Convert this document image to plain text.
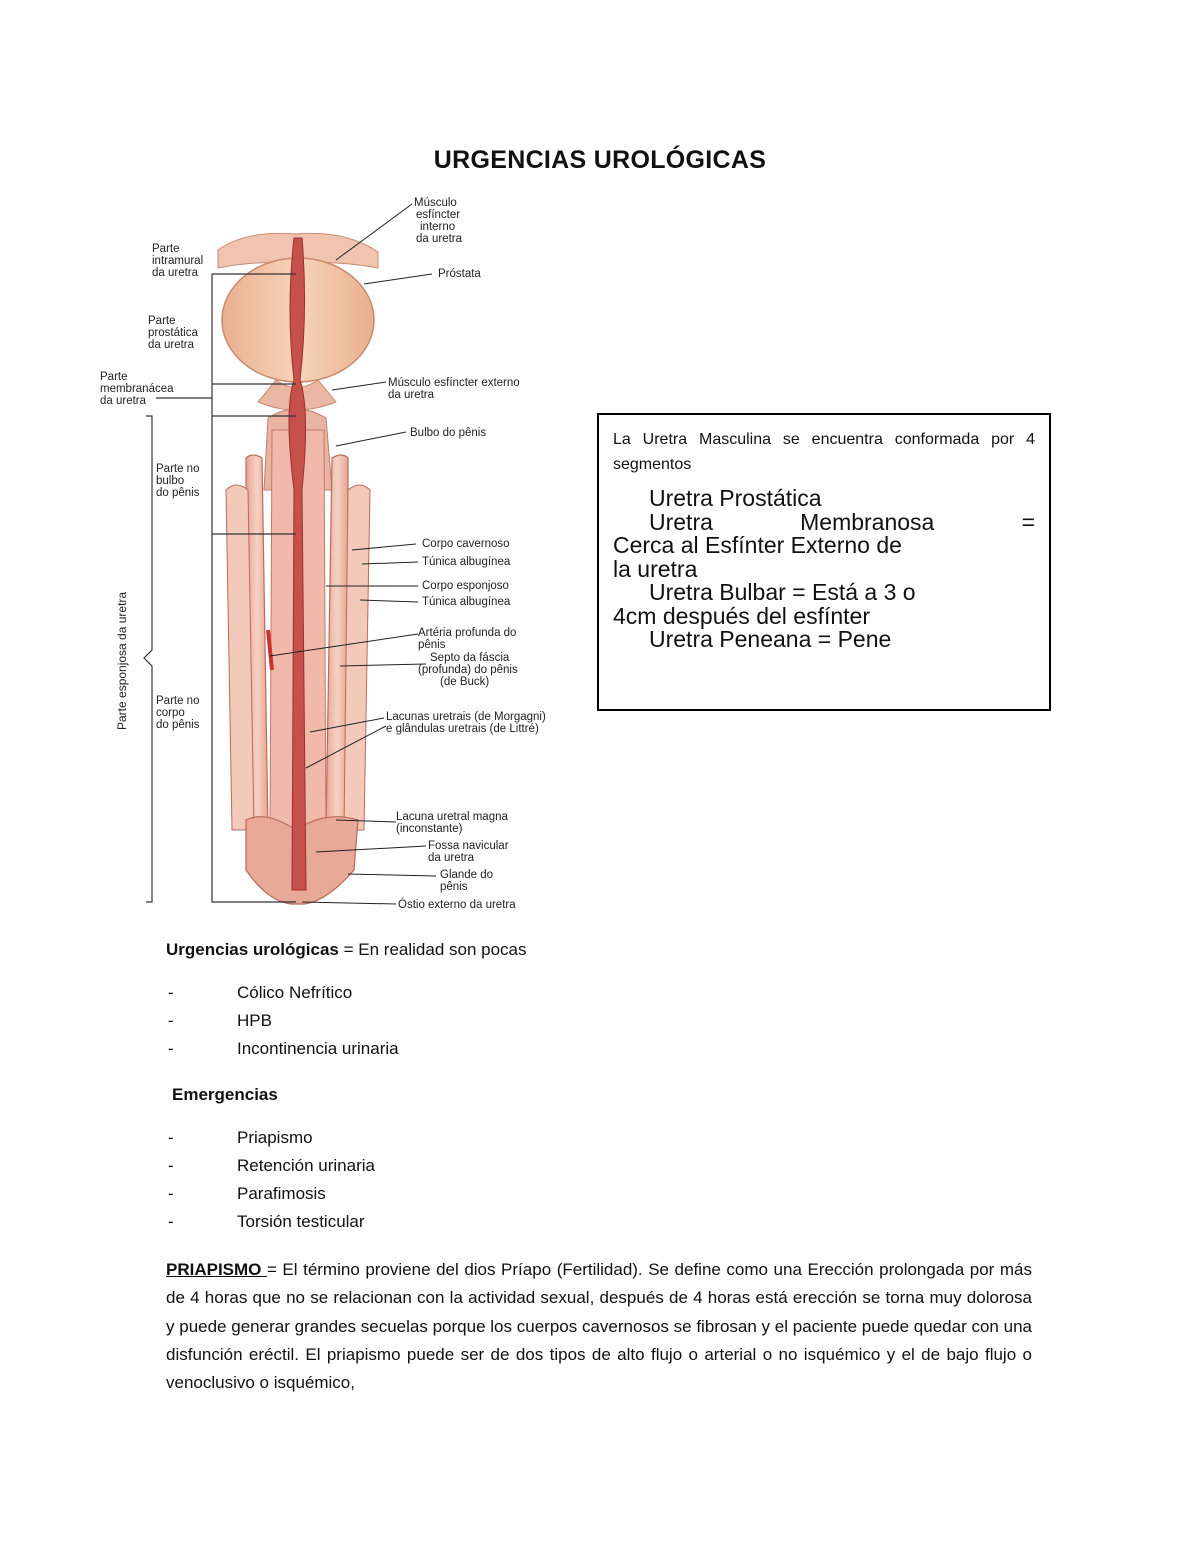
URGENCIAS UROLÓGICAS
Parte intramural da uretra
Parte prostática da uretra
Parte membranácea da uretra
Parte no bulbo do pênis
Parte no corpo do pênis
Parte esponjosa da uretra
Músculo esfíncter interno da uretra
Próstata
Músculo esfíncter externo da uretra
Bulbo do pênis
Corpo cavernoso
Túnica albugínea
Corpo esponjoso
Túnica albugínea
Artéria profunda do pênis
Septo da fáscia (profunda) do pênis (de Buck)
Lacunas uretrais (de Morgagni) e glândulas uretrais (de Littré)
Lacuna uretral magna (inconstante)
Fossa navicular da uretra
Glande do pênis
Óstio externo da uretra
La Uretra Masculina se encuentra conformada por 4 segmentos
Uretra Prostática
Uretra Membranosa =
Cerca al Esfínter Externo de
la uretra
Uretra Bulbar = Está a 3 o
4cm después del esfínter
Uretra Peneana = Pene
Urgencias urológicas = En realidad son pocas
-	Cólico Nefrítico
-	HPB
-	Incontinencia urinaria
Emergencias
-	Priapismo
-	Retención urinaria
-	Parafimosis
-	Torsión testicular
PRIAPISMO = El término proviene del dios Príapo (Fertilidad). Se define como una Erección prolongada por más de 4 horas que no se relacionan con la actividad sexual, después de 4 horas está erección se torna muy dolorosa y puede generar grandes secuelas porque los cuerpos cavernosos se fibrosan y el paciente puede quedar con una disfunción eréctil. El priapismo puede ser de dos tipos de alto flujo o arterial o no isquémico y el de bajo flujo o venoclusivo o isquémico,
